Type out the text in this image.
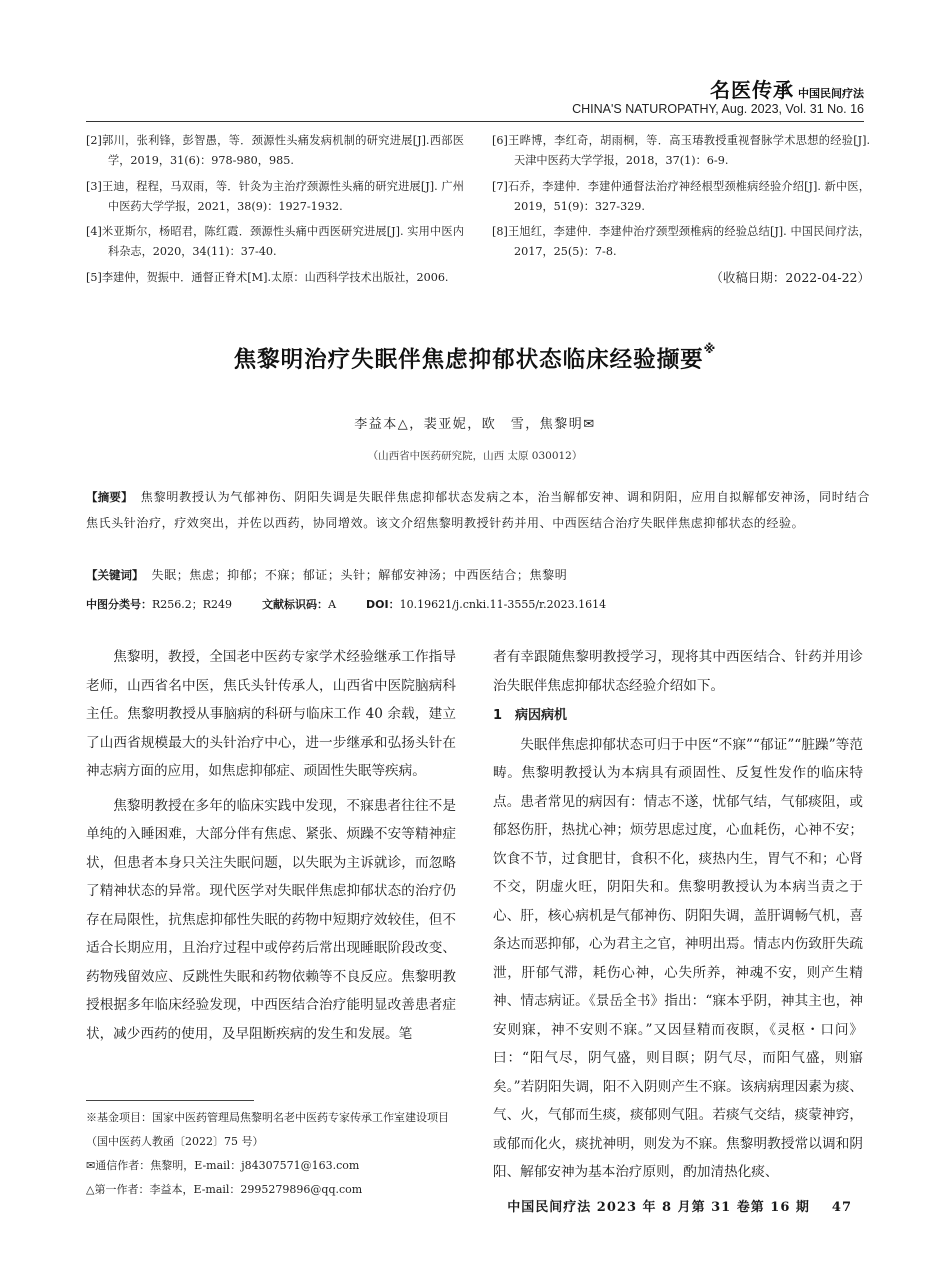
名医传承 中国民间疗法
CHINA'S NATUROPATHY, Aug. 2023, Vol. 31 No. 16

[2]郭川，张利锋，彭智愚，等．颈源性头痛发病机制的研究进展[J].西部医学，2019，31(6)：978-980，985.

[3]王迪，程程，马双雨，等．针灸为主治疗颈源性头痛的研究进展[J]. 广州中医药大学学报，2021，38(9)：1927-1932.

[4]米亚斯尔，杨昭君，陈红霞．颈源性头痛中西医研究进展[J]. 实用中医内科杂志，2020，34(11)：37-40.

[5]李建仲，贺振中．通督正脊术[M].太原：山西科学技术出版社，2006.

[6]王晔博，李红奇，胡雨桐，等．高玉瑃教授重视督脉学术思想的经验[J]. 天津中医药大学学报，2018，37(1)：6-9.

[7]石乔，李建仲．李建仲通督法治疗神经根型颈椎病经验介绍[J]. 新中医，2019，51(9)：327-329.

[8]王旭红，李建仲．李建仲治疗颈型颈椎病的经验总结[J]. 中国民间疗法，2017，25(5)：7-8.

（收稿日期：2022-04-22）
焦黎明治疗失眠伴焦虑抑郁状态临床经验撷要※
李益本△，裴亚妮，欧　雪，焦黎明✉
（山西省中医药研究院，山西 太原 030012）
【摘要】 焦黎明教授认为气郁神伤、阴阳失调是失眠伴焦虑抑郁状态发病之本，治当解郁安神、调和阴阳，应用自拟解郁安神汤，同时结合焦氏头针治疗，疗效突出，并佐以西药，协同增效。该文介绍焦黎明教授针药并用、中西医结合治疗失眠伴焦虑抑郁状态的经验。
【关键词】 失眠；焦虑；抑郁；不寐；郁证；头针；解郁安神汤；中西医结合；焦黎明
中图分类号：R256.2；R249	文献标识码：A	DOI：10.19621/j.cnki.11-3555/r.2023.1614

焦黎明，教授，全国老中医药专家学术经验继承工作指导老师，山西省名中医，焦氏头针传承人，山西省中医院脑病科主任。焦黎明教授从事脑病的科研与临床工作 40 余载，建立了山西省规模最大的头针治疗中心，进一步继承和弘扬头针在神志病方面的应用，如焦虑抑郁症、顽固性失眠等疾病。

焦黎明教授在多年的临床实践中发现，不寐患者往往不是单纯的入睡困难，大部分伴有焦虑、紧张、烦躁不安等精神症状，但患者本身只关注失眠问题，以失眠为主诉就诊，而忽略了精神状态的异常。现代医学对失眠伴焦虑抑郁状态的治疗仍存在局限性，抗焦虑抑郁性失眠的药物中短期疗效较佳，但不适合长期应用，且治疗过程中或停药后常出现睡眠阶段改变、药物残留效应、反跳性失眠和药物依赖等不良反应。焦黎明教授根据多年临床经验发现，中西医结合治疗能明显改善患者症状，减少西药的使用，及早阻断疾病的发生和发展。笔

者有幸跟随焦黎明教授学习，现将其中西医结合、针药并用诊治失眠伴焦虑抑郁状态经验介绍如下。

1　病因病机

失眠伴焦虑抑郁状态可归于中医“不寐”“郁证”“脏躁”等范畴。焦黎明教授认为本病具有顽固性、反复性发作的临床特点。患者常见的病因有：情志不遂，忧郁气结，气郁痰阻，或郁怒伤肝，热扰心神；烦劳思虑过度，心血耗伤，心神不安；饮食不节，过食肥甘，食积不化，痰热内生，胃气不和；心肾不交，阴虚火旺，阴阳失和。焦黎明教授认为本病当责之于心、肝，核心病机是气郁神伤、阴阳失调，盖肝调畅气机，喜条达而恶抑郁，心为君主之官，神明出焉。情志内伤致肝失疏泄，肝郁气滞，耗伤心神，心失所养，神魂不安，则产生精神、情志病证。《景岳全书》指出：“寐本乎阴，神其主也，神安则寐，神不安则不寐。”又因昼精而夜瞑，《灵枢・口问》曰：“阳气尽，阴气盛，则目瞑；阴气尽，而阳气盛，则寤矣。”若阴阳失调，阳不入阴则产生不寐。该病病理因素为痰、气、火，气郁而生痰，痰郁则气阻。若痰气交结，痰蒙神窍，或郁而化火，痰扰神明，则发为不寐。焦黎明教授常以调和阴阳、解郁安神为基本治疗原则，酌加清热化痰、

※基金项目：国家中医药管理局焦黎明名老中医药专家传承工作室建设项目（国中医药人教函〔2022〕75 号）
✉通信作者：焦黎明，E-mail：j84307571@163.com
△第一作者：李益本，E-mail：2995279896@qq.com
中国民间疗法 2023 年 8 月第 31 卷第 16 期 47
